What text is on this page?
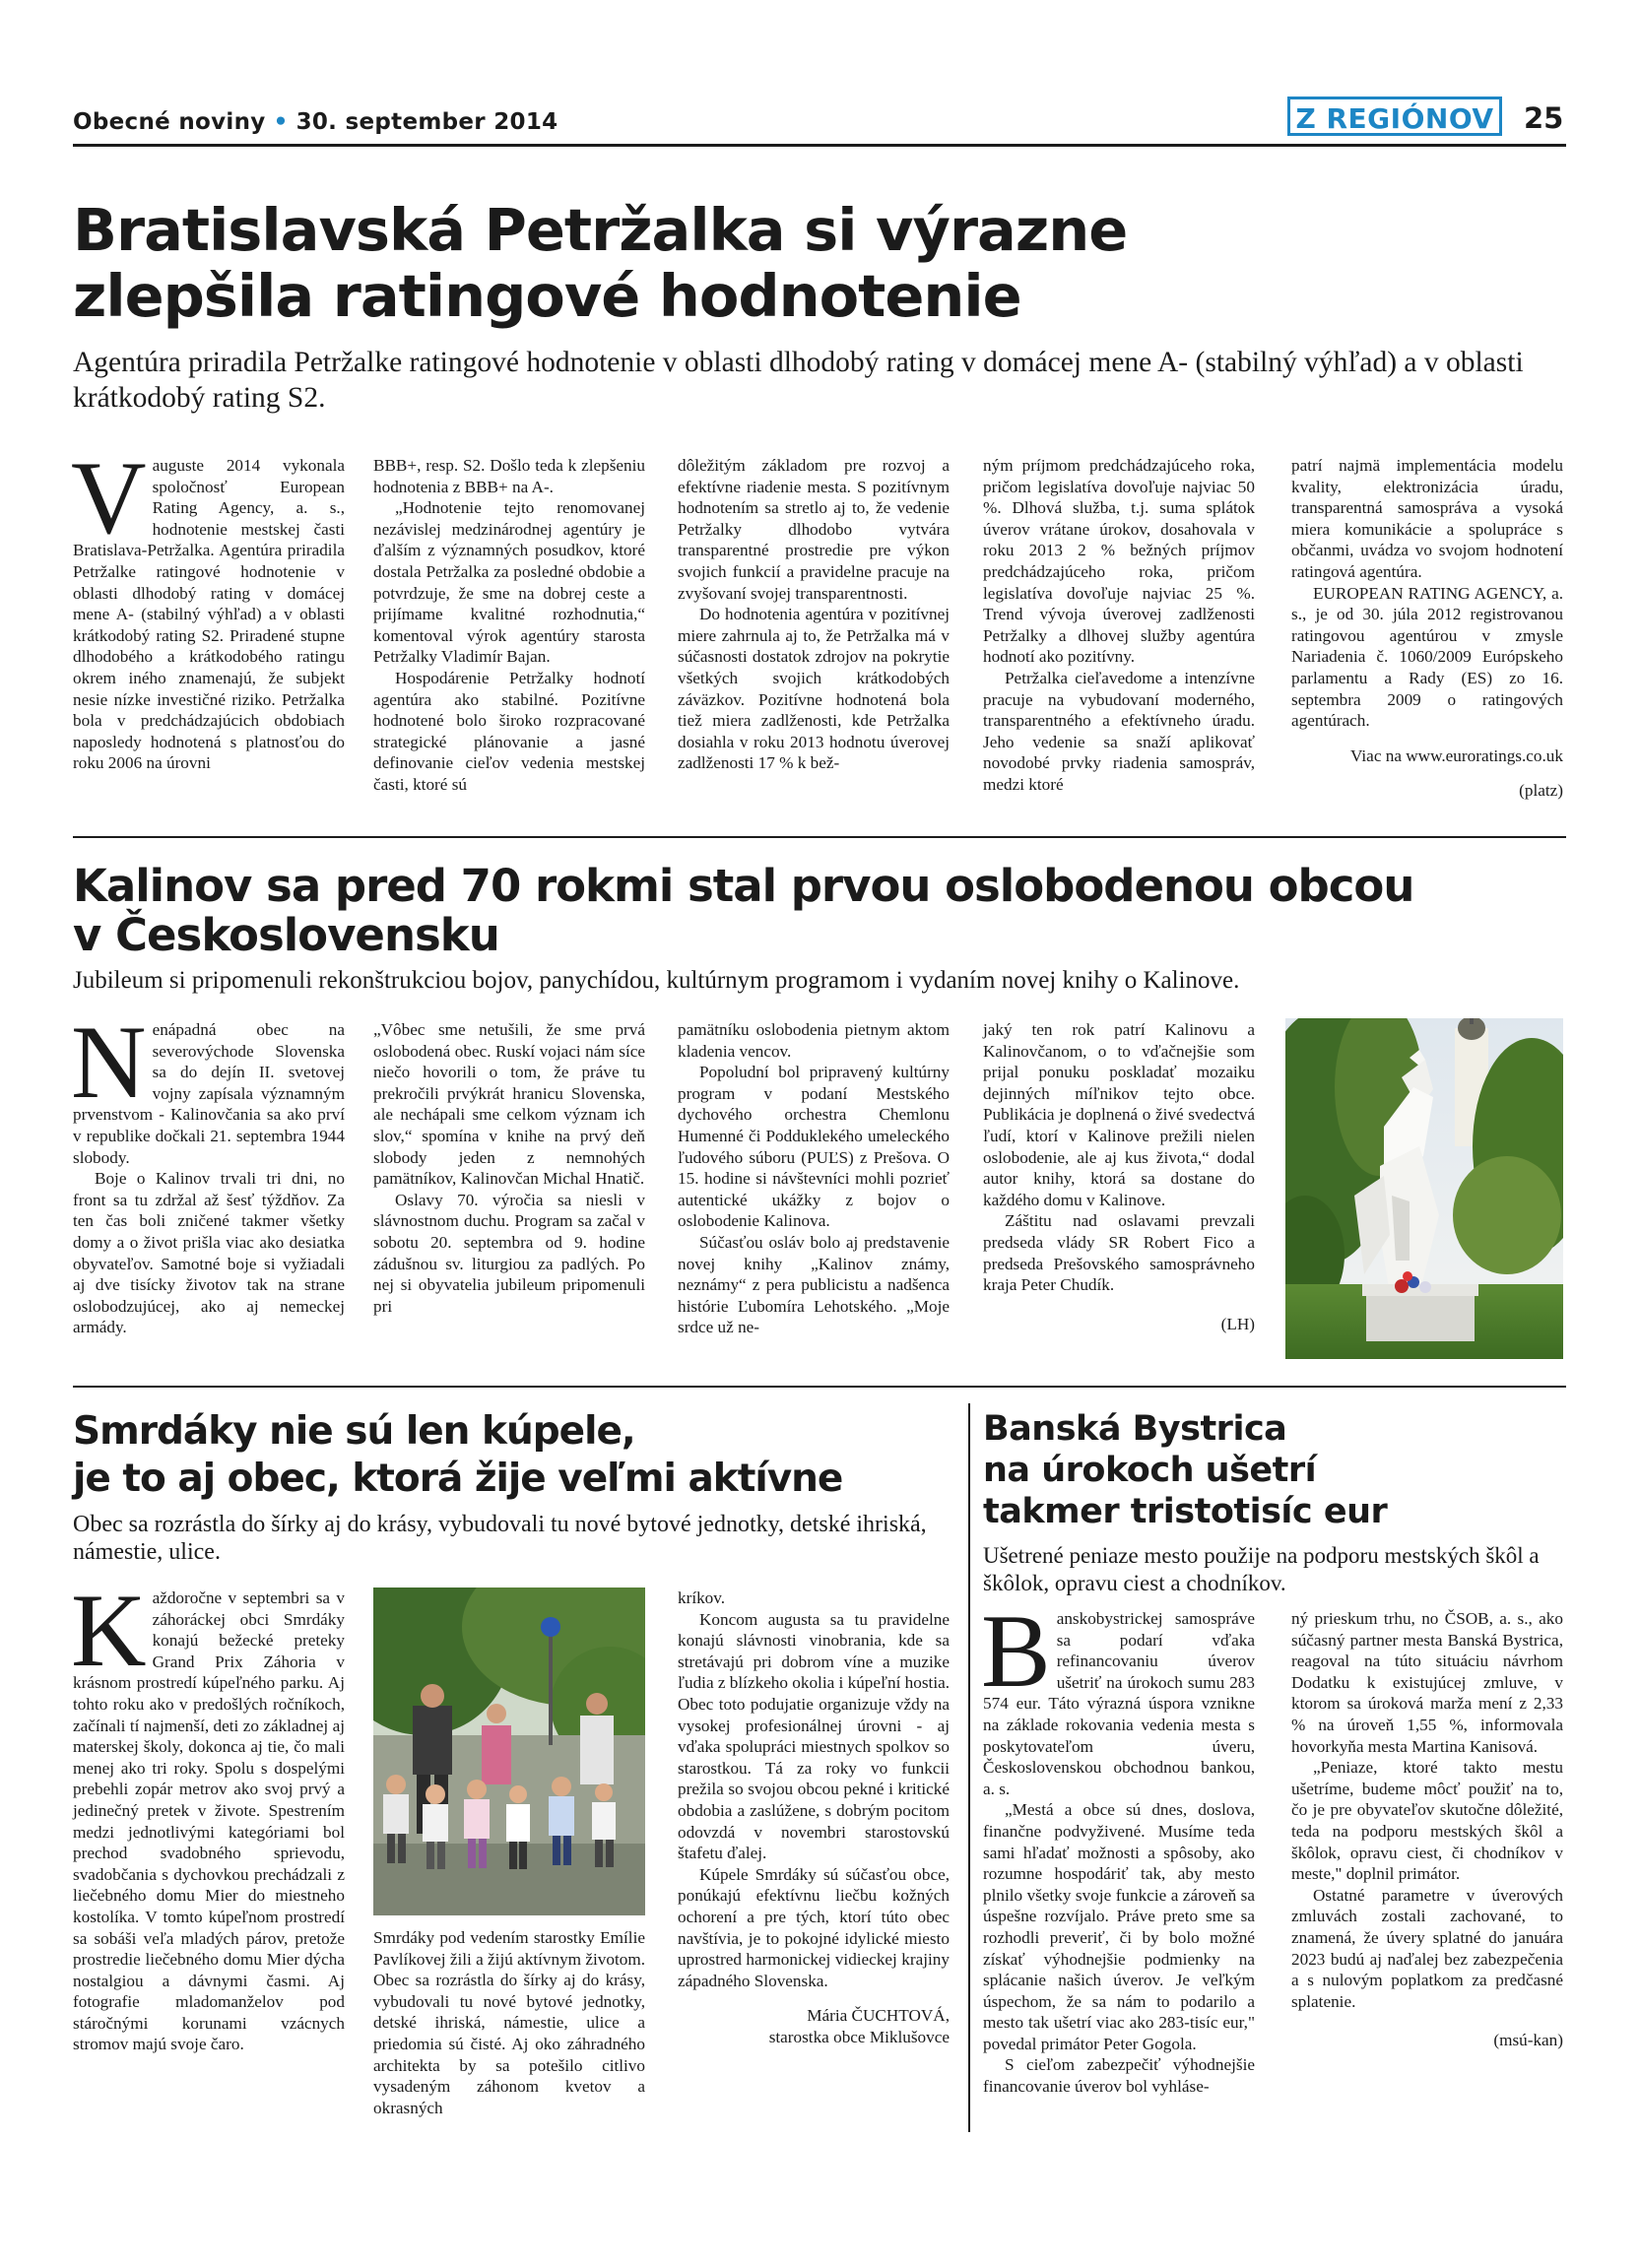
Obecné noviny • 30. september 2014	Z REGIÓNOV 25
Bratislavská Petržalka si výrazne
zlepšila ratingové hodnotenie

Agentúra priradila Petržalke ratingové hodnotenie v oblasti dlhodobý rating v domácej mene A- (stabilný výhľad) a v oblasti krátkodobý rating S2.

Vauguste 2014 vykonala spoločnosť European Rating Agency, a. s., hodnotenie mestskej časti Bratislava-Petržalka. Agentúra priradila Petržalke ratingové hodnotenie v oblasti dlhodobý rating v domácej mene A- (stabilný výhľad) a v oblasti krátkodobý rating S2. Priradené stupne dlhodobého a krátkodobého ratingu okrem iného znamenajú, že subjekt nesie nízke investičné riziko. Petržalka bola v predchádzajúcich obdobiach naposledy hodnotená s platnosťou do roku 2006 na úrovni

BBB+, resp. S2. Došlo teda k zlepšeniu hodnotenia z BBB+ na A-.

„Hodnotenie tejto renomovanej nezávislej medzinárodnej agentúry je ďalším z významných posudkov, ktoré dostala Petržalka za posledné obdobie a potvrdzuje, že sme na dobrej ceste a prijímame kvalitné rozhodnutia,“ komentoval výrok agentúry starosta Petržalky Vladimír Bajan.

Hospodárenie Petržalky hodnotí agentúra ako stabilné. Pozitívne hodnotené bolo široko rozpracované strategické plánovanie a jasné definovanie cieľov vedenia mestskej časti, ktoré sú

dôležitým základom pre rozvoj a efektívne riadenie mesta. S pozitívnym hodnotením sa stretlo aj to, že vedenie Petržalky dlhodobo vytvára transparentné prostredie pre výkon svojich funkcií a pravidelne pracuje na zvyšovaní svojej transparentnosti.

Do hodnotenia agentúra v pozitívnej miere zahrnula aj to, že Petržalka má v súčasnosti dostatok zdrojov na pokrytie všetkých svojich krátkodobých záväzkov. Pozitívne hodnotená bola tiež miera zadlženosti, kde Petržalka dosiahla v roku 2013 hodnotu úverovej zadlženosti 17 % k bež-

ným príjmom predchádzajúceho roka, pričom legislatíva dovoľuje najviac 50 %. Dlhová služba, t.j. suma splátok úverov vrátane úrokov, dosahovala v roku 2013 2 % bežných príjmov predchádzajúceho roka, pričom legislatíva dovoľuje najviac 25 %. Trend vývoja úverovej zadlženosti Petržalky a dlhovej služby agentúra hodnotí ako pozitívny.

Petržalka cieľavedome a intenzívne pracuje na vybudovaní moderného, transparentného a efektívneho úradu. Jeho vedenie sa snaží aplikovať novodobé prvky riadenia samospráv, medzi ktoré

patrí najmä implementácia modelu kvality, elektronizácia úradu, transparentná samospráva a vysoká miera komunikácie a spolupráce s občanmi, uvádza vo svojom hodnotení ratingová agentúra.

EUROPEAN RATING AGENCY, a. s., je od 30. júla 2012 registrovanou ratingovou agentúrou v zmysle Nariadenia č. 1060/2009 Európskeho parlamentu a Rady (ES) zo 16. septembra 2009 o ratingových agentúrach.

Viac na www.euroratings.co.uk

(platz)

Kalinov sa pred 70 rokmi stal prvou oslobodenou obcou
v Československu

Jubileum si pripomenuli rekonštrukciou bojov, panychídou, kultúrnym programom i vydaním novej knihy o Kalinove.

Nenápadná obec na severovýchode Slovenska sa do dejín II. svetovej vojny zapísala významným prvenstvom - Kalinovčania sa ako prví v republike dočkali 21. septembra 1944 slobody.

Boje o Kalinov trvali tri dni, no front sa tu zdržal až šesť týždňov. Za ten čas boli zničené takmer všetky domy a o život prišla viac ako desiatka obyvateľov. Samotné boje si vyžiadali aj dve tisícky životov tak na strane oslobodzujúcej, ako aj nemeckej armády.

„Vôbec sme netušili, že sme prvá oslobodená obec. Ruskí vojaci nám síce niečo hovorili o tom, že práve tu prekročili prvýkrát hranicu Slovenska, ale nechápali sme celkom význam ich slov,“ spomína v knihe na prvý deň slobody jeden z nemnohých pamätníkov, Kalinovčan Michal Hnatič.

Oslavy 70. výročia sa niesli v slávnostnom duchu. Program sa začal v sobotu 20. septembra od 9. hodine zádušnou sv. liturgiou za padlých. Po nej si obyvatelia jubileum pripomenuli pri

pamätníku oslobodenia pietnym aktom kladenia vencov.

Popoludní bol pripravený kultúrny program v podaní Mestského dychového orchestra Chemlonu Humenné či Podduklekého umeleckého ľudového súboru (PUĽS) z Prešova. O 15. hodine si návštevníci mohli pozrieť autentické ukážky z bojov o oslobodenie Kalinova.

Súčasťou osláv bolo aj predstavenie novej knihy „Kalinov známy, neznámy“ z pera publicistu a nadšenca histórie Ľubomíra Lehotského. „Moje srdce už ne-

jaký ten rok patrí Kalinovu a Kalinovčanom, o to vďačnejšie som prijal ponuku poskladať mozaiku dejinných míľnikov tejto obce. Publikácia je doplnená o živé svedectvá ľudí, ktorí v Kalinove prežili nielen oslobodenie, ale aj kus života,“ dodal autor knihy, ktorá sa dostane do každého domu v Kalinove.

Záštitu nad oslavami prevzali predseda vlády SR Robert Fico a predseda Prešovského samosprávneho kraja Peter Chudík.

(LH)

Smrdáky nie sú len kúpele,
je to aj obec, ktorá žije veľmi aktívne

Obec sa rozrástla do šírky aj do krásy, vybudovali tu nové bytové jednotky, detské ihriská, námestie, ulice.

Každoročne v septembri sa v záhoráckej obci Smrdáky konajú bežecké preteky Grand Prix Záhoria v krásnom prostredí kúpeľného parku. Aj tohto roku ako v predošlých ročníkoch, začínali tí najmenší, deti zo základnej aj materskej školy, dokonca aj tie, čo mali menej ako tri roky. Spolu s dospelými prebehli zopár metrov ako svoj prvý a jedinečný pretek v živote. Spestrením medzi jednotlivými kategóriami bol prechod svadobného sprievodu, svadobčania s dychovkou prechádzali z liečebného domu Mier do miestneho kostolíka. V tomto kúpeľnom prostredí sa sobáši veľa mladých párov, pretože prostredie liečebného domu Mier dýcha nostalgiou a dávnymi časmi. Aj fotografie mladomanželov pod stáročnými korunami vzácnych stromov majú svoje čaro.

Smrdáky pod vedením starostky Emílie Pavlíkovej žili a žijú aktívnym životom. Obec sa rozrástla do šírky aj do krásy, vybudovali tu nové bytové jednotky, detské ihriská, námestie, ulice a priedomia sú čisté. Aj oko záhradného architekta by sa potešilo citlivo vysadeným záhonom kvetov a okrasných

kríkov.

Koncom augusta sa tu pravidelne konajú slávnosti vinobrania, kde sa stretávajú pri dobrom víne a muzike ľudia z blízkeho okolia i kúpeľní hostia. Obec toto podujatie organizuje vždy na vysokej profesionálnej úrovni - aj vďaka spolupráci miestnych spolkov so starostkou. Tá za roky vo funkcii prežila so svojou obcou pekné i kritické obdobia a zaslúžene, s dobrým pocitom odovzdá v novembri starostovskú štafetu ďalej.

Kúpele Smrdáky sú súčasťou obce, ponúkajú efektívnu liečbu kožných ochorení a pre tých, ktorí túto obec navštívia, je to pokojné idylické miesto uprostred harmonickej vidieckej krajiny západného Slovenska.

Mária ČUCHTOVÁ,

starostka obce Miklušovce

Banská Bystrica
na úrokoch ušetrí
takmer tristotisíc eur

Ušetrené peniaze mesto použije na podporu mestských škôl a škôlok, opravu ciest a chodníkov.

Banskobystrickej samospráve sa podarí vďaka refinancovaniu úverov ušetriť na úrokoch sumu 283 574 eur. Táto výrazná úspora vznikne na základe rokovania vedenia mesta s poskytovateľom úveru, Československou obchodnou bankou, a. s.

„Mestá a obce sú dnes, doslova, finančne podvyživené. Musíme teda sami hľadať možnosti a spôsoby, ako rozumne hospodáriť tak, aby mesto plnilo všetky svoje funkcie a zároveň sa úspešne rozvíjalo. Práve preto sme sa rozhodli preveriť, či by bolo možné získať výhodnejšie podmienky na splácanie našich úverov. Je veľkým úspechom, že sa nám to podarilo a mesto tak ušetrí viac ako 283-tisíc eur," povedal primátor Peter Gogola.

S cieľom zabezpečiť výhodnejšie financovanie úverov bol vyhláse-

ný prieskum trhu, no ČSOB, a. s., ako súčasný partner mesta Banská Bystrica, reagoval na túto situáciu návrhom Dodatku k existujúcej zmluve, v ktorom sa úroková marža mení z 2,33 % na úroveň 1,55 %, informovala hovorkyňa mesta Martina Kanisová.

„Peniaze, ktoré takto mestu ušetríme, budeme môcť použiť na to, čo je pre obyvateľov skutočne dôležité, teda na podporu mestských škôl a škôlok, opravu ciest, či chodníkov v meste," doplnil primátor.

Ostatné parametre v úverových zmluvách zostali zachované, to znamená, že úvery splatné do januára 2023 budú aj naďalej bez zabezpečenia a s nulovým poplatkom za predčasné splatenie.

(msú-kan)
